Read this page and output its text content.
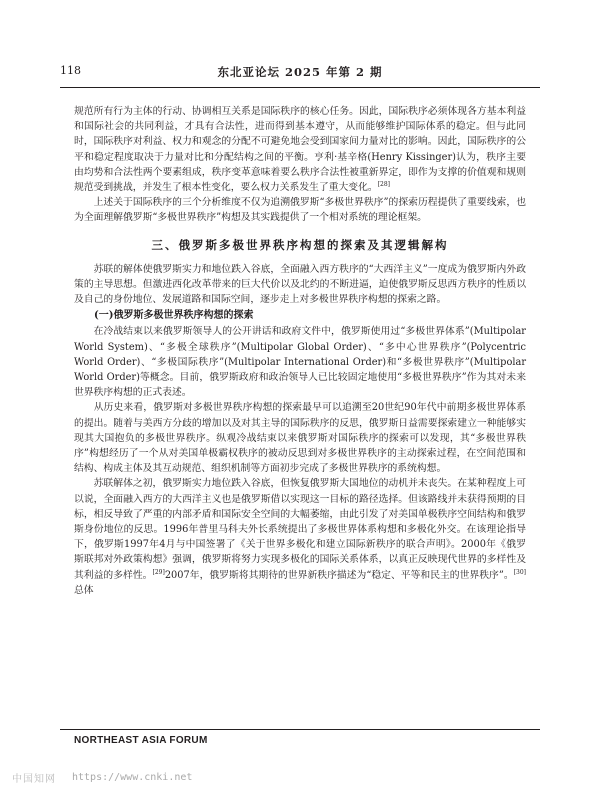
118	东北亚论坛 2025 年第 2 期

规范所有行为主体的行动、协调相互关系是国际秩序的核心任务。因此，国际秩序必须体现各方基本利益和国际社会的共同利益，才具有合法性，进而得到基本遵守，从而能够维护国际体系的稳定。但与此同时，国际秩序对利益、权力和观念的分配不可避免地会受到国家间力量对比的影响。因此，国际秩序的公平和稳定程度取决于力量对比和分配结构之间的平衡。亨利·基辛格(Henry Kissinger)认为，秩序主要由均势和合法性两个要素组成，秩序变革意味着要么秩序合法性被重新界定，即作为支撑的价值观和规则规范受到挑战，并发生了根本性变化，要么权力关系发生了重大变化。[28]

上述关于国际秩序的三个分析维度不仅为追溯俄罗斯“多极世界秩序”的探索历程提供了重要线索，也为全面理解俄罗斯“多极世界秩序”构想及其实践提供了一个相对系统的理论框架。

三、俄罗斯多极世界秩序构想的探索及其逻辑解构

苏联的解体使俄罗斯实力和地位跌入谷底，全面融入西方秩序的“大西洋主义”一度成为俄罗斯内外政策的主导思想。但激进西化改革带来的巨大代价以及北约的不断进逼，迫使俄罗斯反思西方秩序的性质以及自己的身份地位、发展道路和国际空间，逐步走上对多极世界秩序构想的探索之路。

(一)俄罗斯多极世界秩序构想的探索

在冷战结束以来俄罗斯领导人的公开讲话和政府文件中，俄罗斯使用过“多极世界体系”(Multipolar World System)、“多极全球秩序”(Multipolar Global Order)、“多中心世界秩序”(Polycentric World Order)、“多极国际秩序”(Multipolar International Order)和“多极世界秩序”(Multipolar World Order)等概念。目前，俄罗斯政府和政治领导人已比较固定地使用“多极世界秩序”作为其对未来世界秩序构想的正式表述。

从历史来看，俄罗斯对多极世界秩序构想的探索最早可以追溯至20世纪90年代中前期多极世界体系的提出。随着与美西方分歧的增加以及对其主导的国际秩序的反思，俄罗斯日益需要探索建立一种能够实现其大国抱负的多极世界秩序。纵观冷战结束以来俄罗斯对国际秩序的探索可以发现，其“多极世界秩序”构想经历了一个从对美国单极霸权秩序的被动反思到对多极世界秩序的主动探索过程，在空间范围和结构、构成主体及其互动规范、组织机制等方面初步完成了多极世界秩序的系统构想。

苏联解体之初，俄罗斯实力地位跌入谷底，但恢复俄罗斯大国地位的动机并未丧失。在某种程度上可以说，全面融入西方的大西洋主义也是俄罗斯借以实现这一目标的路径选择。但该路线并未获得预期的目标，相反导致了严重的内部矛盾和国际安全空间的大幅萎缩，由此引发了对美国单极秩序空间结构和俄罗斯身份地位的反思。1996年普里马科夫外长系统提出了多极世界体系构想和多极化外交。在该理论指导下，俄罗斯1997年4月与中国签署了《关于世界多极化和建立国际新秩序的联合声明》。2000年《俄罗斯联邦对外政策构想》强调，俄罗斯将努力实现多极化的国际关系体系，以真正反映现代世界的多样性及其利益的多样性。[29]2007年，俄罗斯将其期待的世界新秩序描述为“稳定、平等和民主的世界秩序”。[30]总体

NORTHEAST ASIA FORUM
中国知网 https://www.cnki.net
